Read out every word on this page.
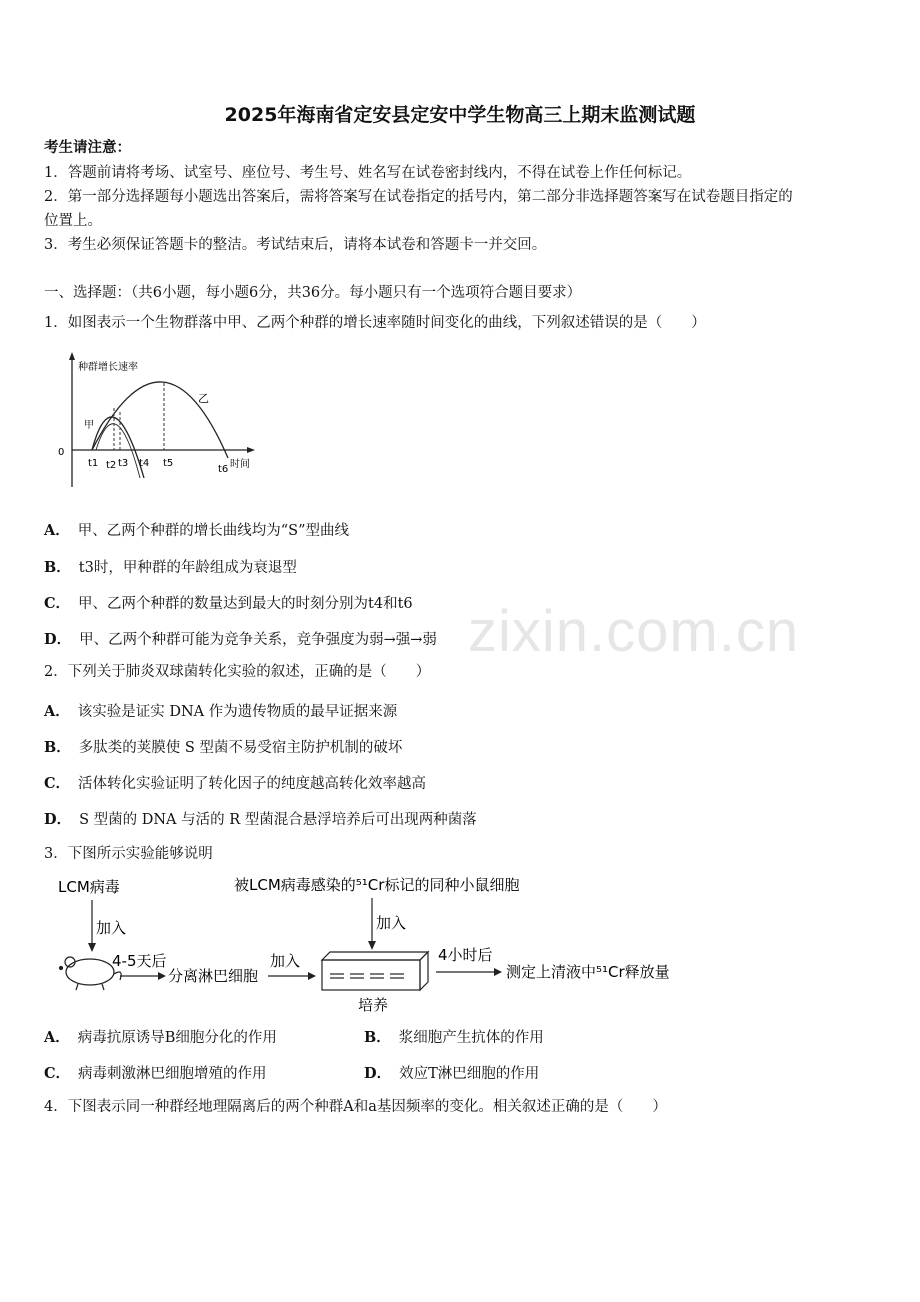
zixin.com.cn
2025年海南省定安县定安中学生物高三上期末监测试题
考生请注意：
1．答题前请将考场、试室号、座位号、考生号、姓名写在试卷密封线内，不得在试卷上作任何标记。
2．第一部分选择题每小题选出答案后，需将答案写在试卷指定的括号内，第二部分非选择题答案写在试卷题目指定的
位置上。
3．考生必须保证答题卡的整洁。考试结束后，请将本试卷和答题卡一并交回。
一、选择题：（共6小题，每小题6分，共36分。每小题只有一个选项符合题目要求）
1．如图表示一个生物群落中甲、乙两个种群的增长速率随时间变化的曲线，下列叙述错误的是（　　）
0
种群增长速率
时间
甲
乙
t1 t2 t3 t4 t5
t6
A． 甲、乙两个种群的增长曲线均为“S”型曲线
B． t3时，甲种群的年龄组成为衰退型
C． 甲、乙两个种群的数量达到最大的时刻分别为t4和t6
D． 甲、乙两个种群可能为竞争关系，竞争强度为弱→强→弱
2．下列关于肺炎双球菌转化实验的叙述，正确的是（　　）
A． 该实验是证实 DNA 作为遗传物质的最早证据来源
B． 多肽类的荚膜使 S 型菌不易受宿主防护机制的破坏
C． 活体转化实验证明了转化因子的纯度越高转化效率越高
D． S 型菌的 DNA 与活的 R 型菌混合悬浮培养后可出现两种菌落
3．下图所示实验能够说明
LCM病毒
加入
4-5天后
分离淋巴细胞
加入
被LCM病毒感染的⁵¹Cr标记的同种小鼠细胞
加入
培养
4小时后
测定上清液中⁵¹Cr释放量
A． 病毒抗原诱导B细胞分化的作用	B． 浆细胞产生抗体的作用
C． 病毒刺激淋巴细胞增殖的作用	D． 效应T淋巴细胞的作用
4．下图表示同一种群经地理隔离后的两个种群A和a基因频率的变化。相关叙述正确的是（　　）
